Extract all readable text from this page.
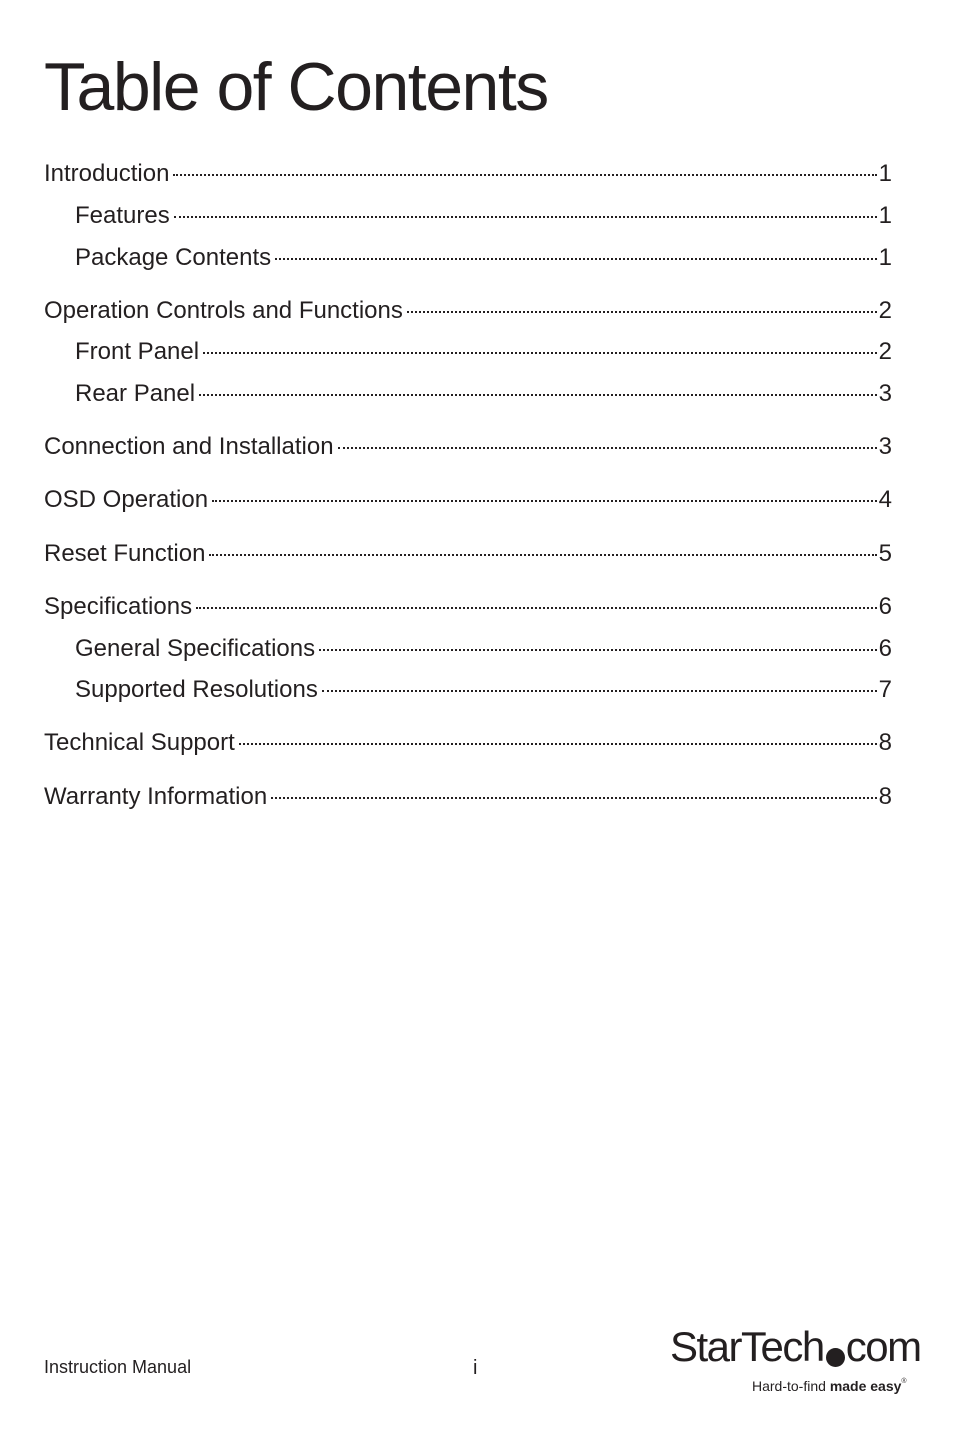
Table of Contents
Introduction	1
Features	1
Package Contents	1
Operation Controls and Functions	2
Front Panel	2
Rear Panel	3
Connection and Installation	3
OSD Operation	4
Reset Function	5
Specifications	6
General Specifications	6
Supported Resolutions	7
Technical Support	8
Warranty Information	8
Instruction Manual	i	StarTech com
Hard-to-find made easy®
